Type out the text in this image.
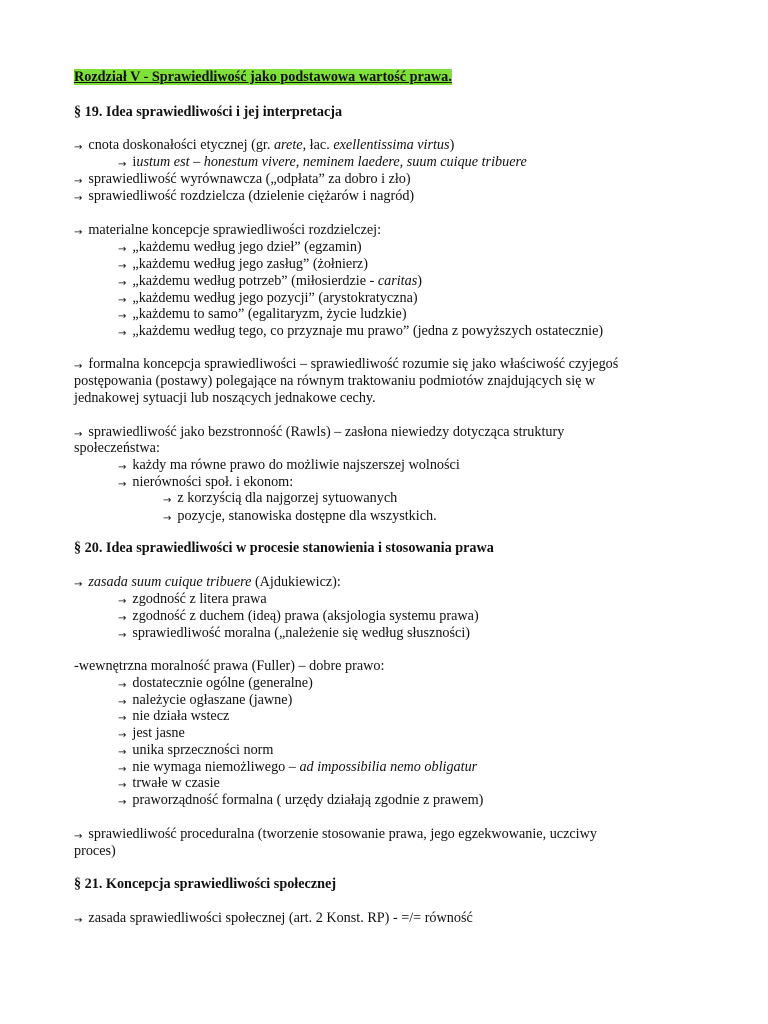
Rozdział V - Sprawiedliwość jako podstawowa wartość prawa.
§ 19. Idea sprawiedliwości i jej interpretacja
→ cnota doskonałości etycznej (gr. arete, łac. exellentissima virtus)
→ iustum est – honestum vivere, neminem laedere, suum cuique tribuere
→ sprawiedliwość wyrównawcza („odpłata” za dobro i zło)
→ sprawiedliwość rozdzielcza (dzielenie ciężarów i nagród)
→ materialne koncepcje sprawiedliwości rozdzielczej:
→ „każdemu według jego dzieł” (egzamin)
→ „każdemu według jego zasług” (żołnierz)
→ „każdemu według potrzeb” (miłosierdzie - caritas)
→ „każdemu według jego pozycji” (arystokratyczna)
→ „każdemu to samo” (egalitaryzm, życie ludzkie)
→ „każdemu według tego, co przyznaje mu prawo” (jedna z powyższych ostatecznie)
→ formalna koncepcja sprawiedliwości – sprawiedliwość rozumie się jako właściwość czyjegoś
postępowania (postawy) polegające na równym traktowaniu podmiotów znajdujących się w
jednakowej sytuacji lub noszących jednakowe cechy.
→ sprawiedliwość jako bezstronność (Rawls) – zasłona niewiedzy dotycząca struktury
społeczeństwa:
→ każdy ma równe prawo do możliwie najszerszej wolności
→ nierówności społ. i ekonom:
→ z korzyścią dla najgorzej sytuowanych
→ pozycje, stanowiska dostępne dla wszystkich.
§ 20. Idea sprawiedliwości w procesie stanowienia i stosowania prawa
→ zasada suum cuique tribuere (Ajdukiewicz):
→ zgodność z litera prawa
→ zgodność z duchem (ideą) prawa (aksjologia systemu prawa)
→ sprawiedliwość moralna („należenie się według słuszności)
-wewnętrzna moralność prawa (Fuller) – dobre prawo:
→ dostatecznie ogólne (generalne)
→ należycie ogłaszane (jawne)
→ nie działa wstecz
→ jest jasne
→ unika sprzeczności norm
→ nie wymaga niemożliwego – ad impossibilia nemo obligatur
→ trwałe w czasie
→ praworządność formalna ( urzędy działają zgodnie z prawem)
→ sprawiedliwość proceduralna (tworzenie stosowanie prawa, jego egzekwowanie, uczciwy
proces)
§ 21. Koncepcja sprawiedliwości społecznej
→ zasada sprawiedliwości społecznej (art. 2 Konst. RP) - =/= równość
